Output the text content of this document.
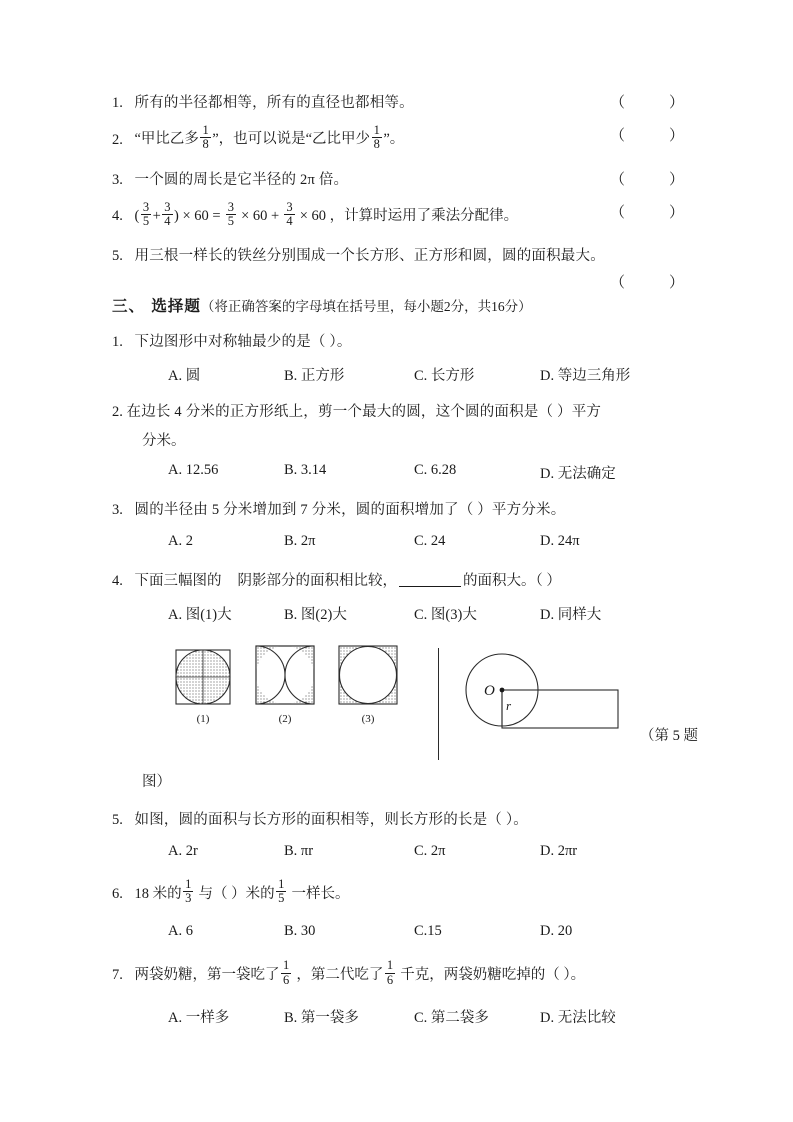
1. 所有的半径都相等，所有的直径也都相等。	（	）
2. “甲比乙多 $\frac{1}{8}$ ”，也可以说是“乙比甲少 $\frac{1}{8}$ ”。	（	）
3. 一个圆的周长是它半径的 2π 倍。	（	）
4. ( $\frac{3}{5} + \frac{3}{4}$ ) × $60 = \frac{3}{5} \times 60 + \frac{3}{4} \times 60$ ，计算时运用了乘法分配律。	（	）
5. 用三根一样长的铁丝分别围成一个长方形、正方形和圆，圆的面积最大。
（	）
三、 选择题（将正确答案的字母填在括号里，每小题2分，共16分）
1. 下边图形中对称轴最少的是（ ）。
A. 圆	B. 正方形	C. 长方形	D. 等边三角形
2. 在边长 4 分米的正方形纸上，剪一个最大的圆，这个圆的面积是（ ）平方
分米。
A. 12.56	B. 3.14	C. 6.28	D. 无法确定
3. 圆的半径由 5 分米增加到 7 分米，圆的面积增加了（ ）平方分米。
A. 2	B. 2π	C. 24	D. 24π
4. 下面三幅图的 阴影部分的面积相比较，	的面积大。（ ）
A. 图(1)大	B. 图(2)大	C. 图(3)大	D. 同样大
(1)	(2)	(3)
O
r
（第 5 题
图）
5. 如图，圆的面积与长方形的面积相等，则长方形的长是（ ）。
A. 2r	B. πr	C. 2π	D. 2πr
6. 18 米的 $\frac{1}{3}$ 与（ ）米的 $\frac{1}{5}$ 一样长。
A. 6	B. 30	C.15	D. 20
7. 两袋奶糖，第一袋吃了 $\frac{1}{6}$ ，第二代吃了 $\frac{1}{6}$ 千克，两袋奶糖吃掉的（ ）。
A. 一样多	B. 第一袋多	C. 第二袋多	D. 无法比较
